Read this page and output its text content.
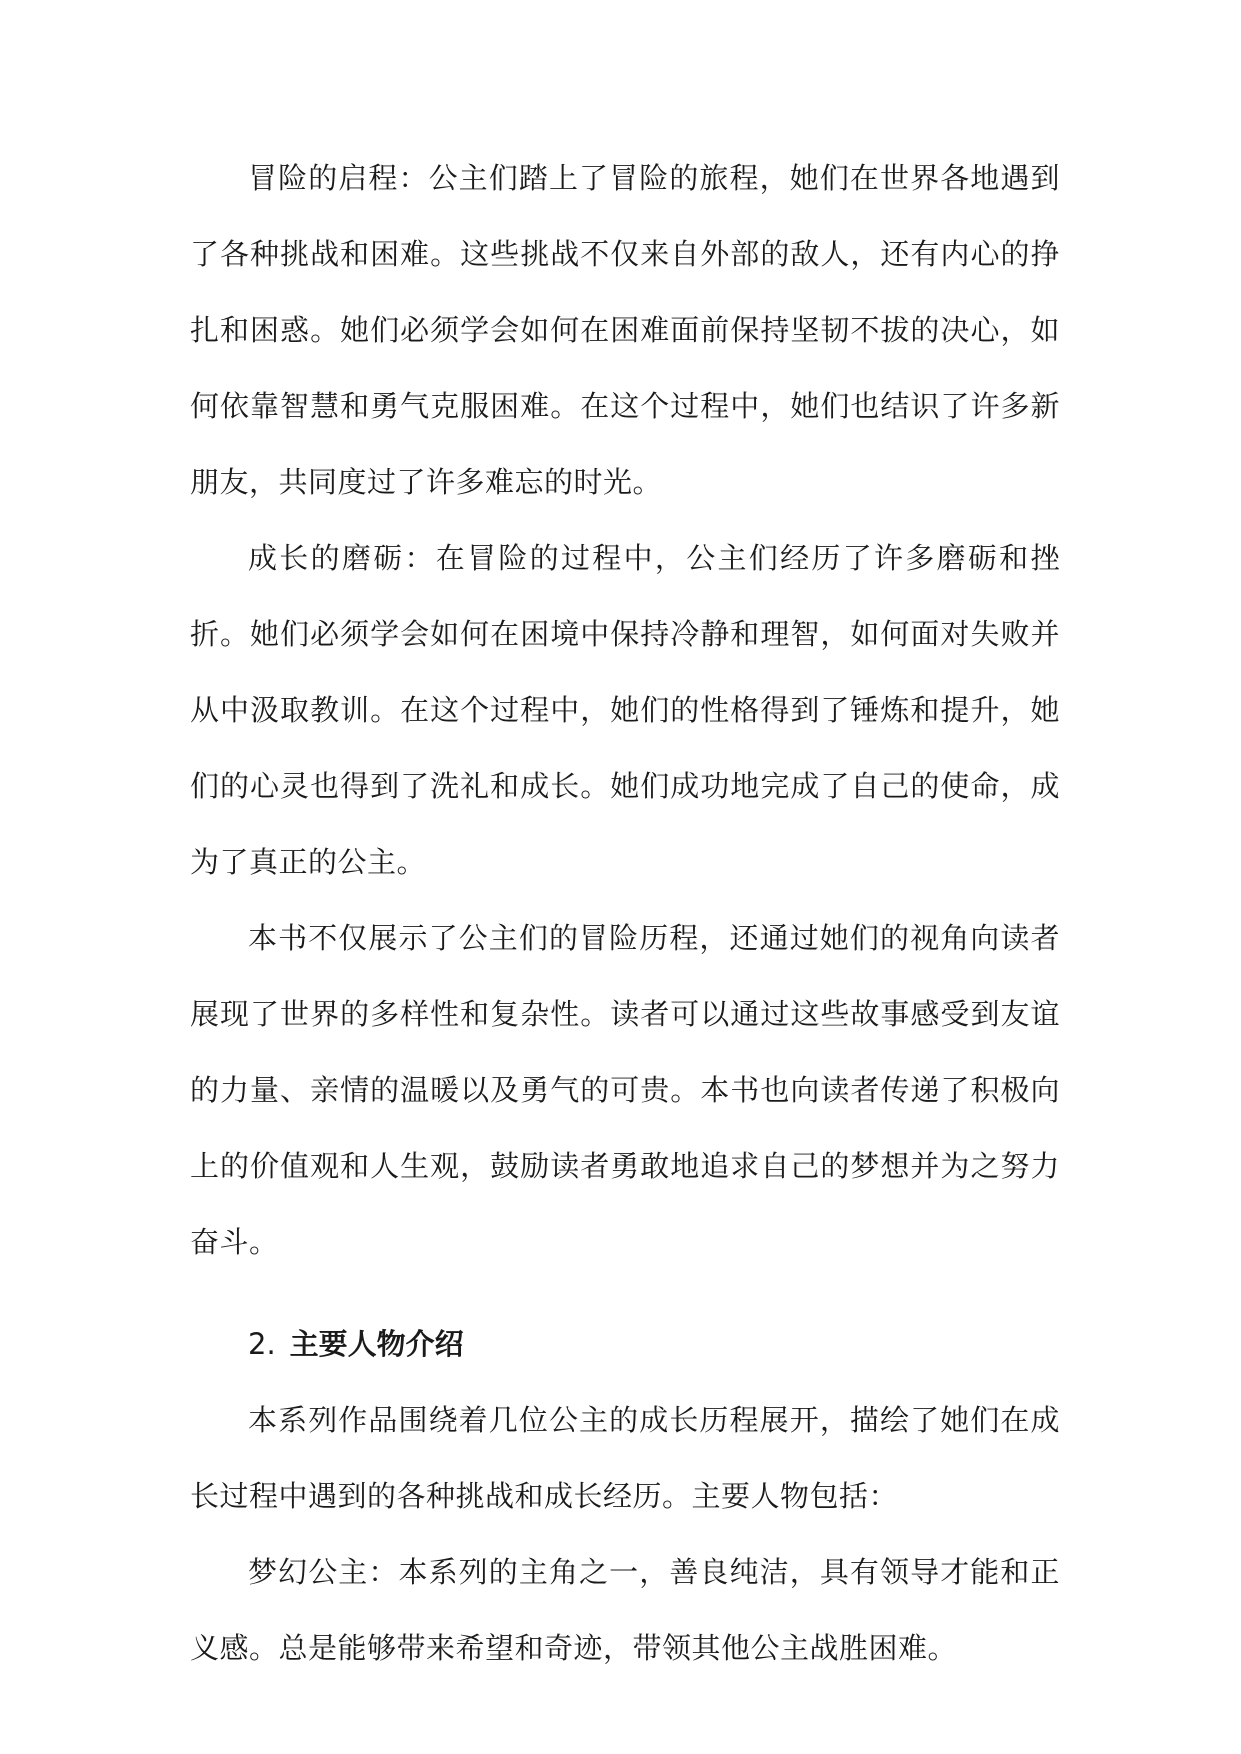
冒险的启程：公主们踏上了冒险的旅程，她们在世界各地遇到了各种挑战和困难。这些挑战不仅来自外部的敌人，还有内心的挣扎和困惑。她们必须学会如何在困难面前保持坚韧不拔的决心，如何依靠智慧和勇气克服困难。在这个过程中，她们也结识了许多新朋友，共同度过了许多难忘的时光。

成长的磨砺：在冒险的过程中，公主们经历了许多磨砺和挫折。她们必须学会如何在困境中保持冷静和理智，如何面对失败并从中汲取教训。在这个过程中，她们的性格得到了锤炼和提升，她们的心灵也得到了洗礼和成长。她们成功地完成了自己的使命，成为了真正的公主。

本书不仅展示了公主们的冒险历程，还通过她们的视角向读者展现了世界的多样性和复杂性。读者可以通过这些故事感受到友谊的力量、亲情的温暖以及勇气的可贵。本书也向读者传递了积极向上的价值观和人生观，鼓励读者勇敢地追求自己的梦想并为之努力奋斗。

2. 主要人物介绍

本系列作品围绕着几位公主的成长历程展开，描绘了她们在成长过程中遇到的各种挑战和成长经历。主要人物包括：

梦幻公主：本系列的主角之一，善良纯洁，具有领导才能和正义感。总是能够带来希望和奇迹，带领其他公主战胜困难。
